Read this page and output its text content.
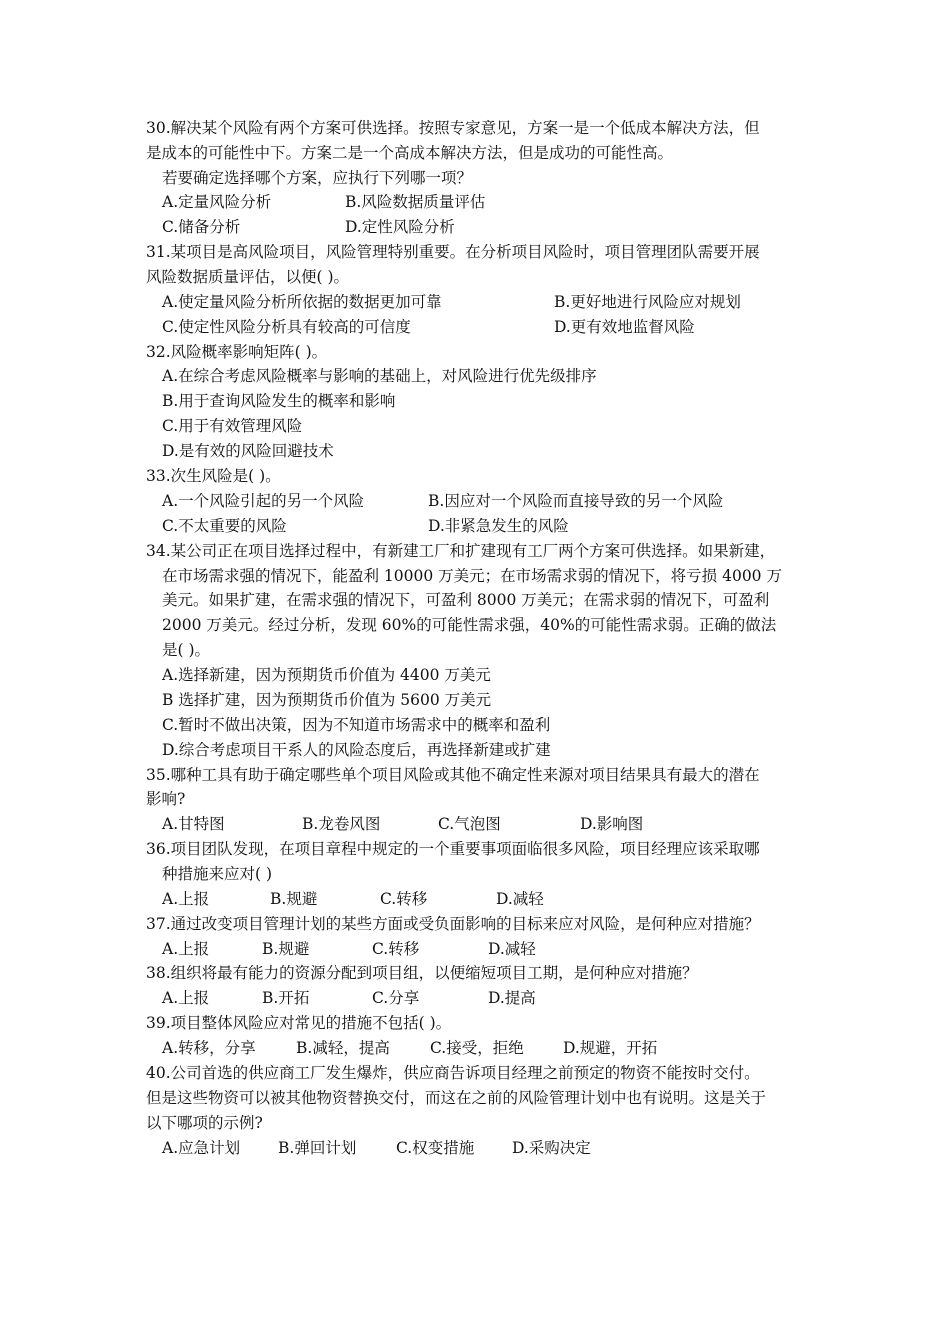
30.解决某个风险有两个方案可供选择。按照专家意见，方案一是一个低成本解决方法，但
是成本的可能性中下。方案二是一个高成本解决方法，但是成功的可能性高。
若要确定选择哪个方案，应执行下列哪一项？
A.定量风险分析	B.风险数据质量评估
C.储备分析	D.定性风险分析
31.某项目是高风险项目，风险管理特别重要。在分析项目风险时，项目管理团队需要开展
风险数据质量评估，以便( )。
A.使定量风险分析所依据的数据更加可靠	B.更好地进行风险应对规划
C.使定性风险分析具有较高的可信度	D.更有效地监督风险
32.风险概率影响矩阵( )。
A.在综合考虑风险概率与影响的基础上，对风险进行优先级排序
B.用于查询风险发生的概率和影响
C.用于有效管理风险
D.是有效的风险回避技术
33.次生风险是( )。
A.一个风险引起的另一个风险	B.因应对一个风险而直接导致的另一个风险
C.不太重要的风险	D.非紧急发生的风险
34.某公司正在项目选择过程中，有新建工厂和扩建现有工厂两个方案可供选择。如果新建，
在市场需求强的情况下，能盈利 10000 万美元；在市场需求弱的情况下，将亏损 4000 万
美元。如果扩建，在需求强的情况下，可盈利 8000 万美元；在需求弱的情况下，可盈利
2000 万美元。经过分析，发现 60%的可能性需求强，40%的可能性需求弱。正确的做法
是( )。
A.选择新建，因为预期货币价值为 4400 万美元
B 选择扩建，因为预期货币价值为 5600 万美元
C.暂时不做出决策，因为不知道市场需求中的概率和盈利
D.综合考虑项目干系人的风险态度后，再选择新建或扩建
35.哪种工具有助于确定哪些单个项目风险或其他不确定性来源对项目结果具有最大的潜在
影响?
A.甘特图	B.龙卷风图	C.气泡图	D.影响图
36.项目团队发现，在项目章程中规定的一个重要事项面临很多风险，项目经理应该采取哪
种措施来应对( )
A.上报	B.规避	C.转移	D.减轻
37.通过改变项目管理计划的某些方面或受负面影响的目标来应对风险，是何种应对措施？
A.上报	B.规避	C.转移	D.减轻
38.组织将最有能力的资源分配到项目组，以便缩短项目工期，是何种应对措施？
A.上报	B.开拓	C.分享	D.提高
39.项目整体风险应对常见的措施不包括( )。
A.转移，分享	B.减轻，提高	C.接受，拒绝	D.规避，开拓
40.公司首选的供应商工厂发生爆炸，供应商告诉项目经理之前预定的物资不能按时交付。
但是这些物资可以被其他物资替换交付，而这在之前的风险管理计划中也有说明。这是关于
以下哪项的示例?
A.应急计划 B.弹回计划	C.权变措施 D.采购决定
